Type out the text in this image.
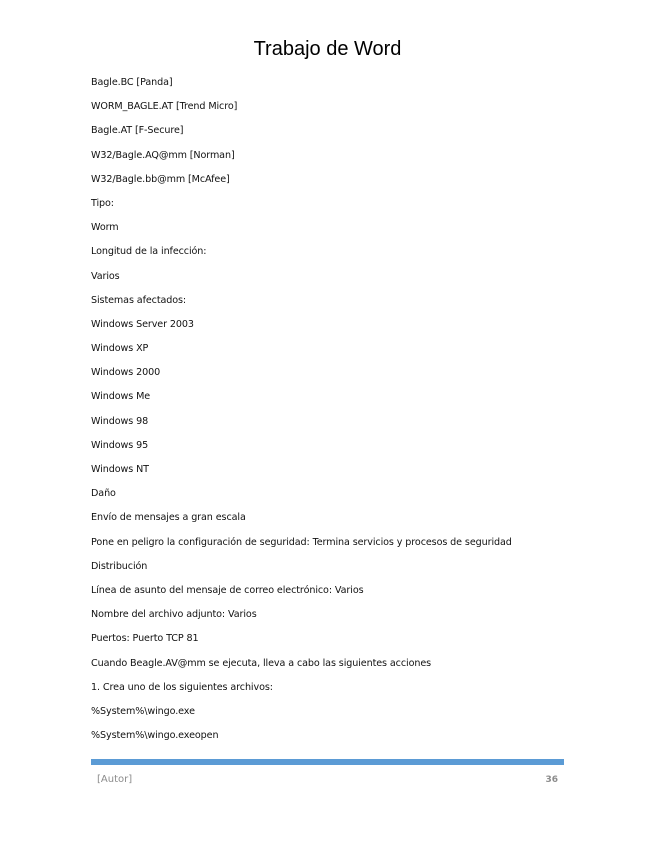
Trabajo de Word
Bagle.BC [Panda]
WORM_BAGLE.AT [Trend Micro]
Bagle.AT [F-Secure]
W32/Bagle.AQ@mm [Norman]
W32/Bagle.bb@mm [McAfee]
Tipo:
Worm
Longitud de la infección:
Varios
Sistemas afectados:
Windows Server 2003
Windows XP
Windows 2000
Windows Me
Windows 98
Windows 95
Windows NT
Daño
Envío de mensajes a gran escala
Pone en peligro la configuración de seguridad: Termina servicios y procesos de seguridad
Distribución
Línea de asunto del mensaje de correo electrónico: Varios
Nombre del archivo adjunto: Varios
Puertos: Puerto TCP 81
Cuando Beagle.AV@mm se ejecuta, lleva a cabo las siguientes acciones
1. Crea uno de los siguientes archivos:
%System%\wingo.exe
%System%\wingo.exeopen
[Autor]	36
